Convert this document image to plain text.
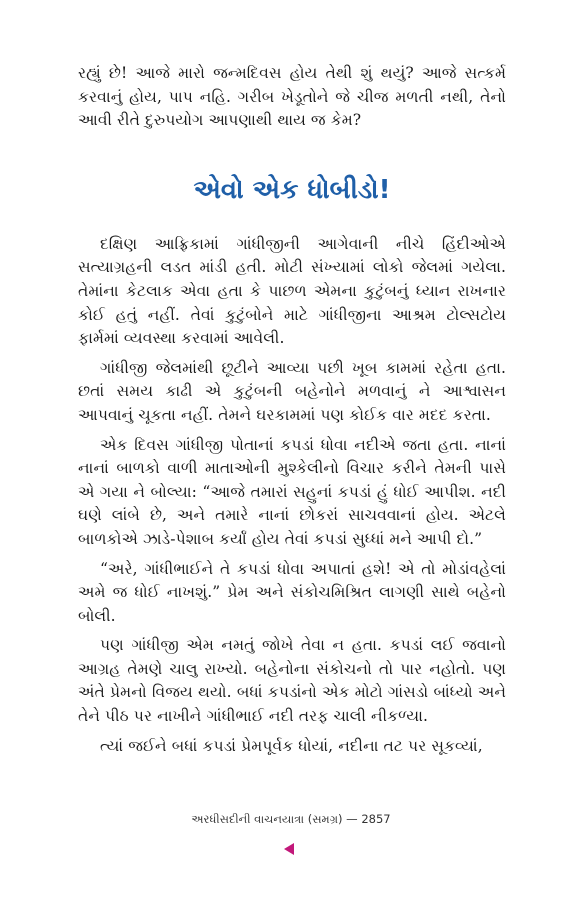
રહ્યું છે! આજે મારો જન્મદિવસ હોય તેથી શું થયું? આજે સત્કર્મ કરવાનું હોય, પાપ નહિ. ગરીબ ખેડૂતોને જે ચીજ મળતી નથી, તેનો આવી રીતે દુરુપયોગ આપણાથી થાય જ કેમ?

એવો એક ધોબીડો!

દક્ષિણ આફ્રિકામાં ગાંધીજીની આગેવાની નીચે હિંદીઓએ સત્યાગ્રહની લડત માંડી હતી. મોટી સંખ્યામાં લોકો જેલમાં ગયેલા. તેમાંના કેટલાક એવા હતા કે પાછળ એમના કુટુંબનું ધ્યાન રાખનાર કોઈ હતું નહીં. તેવાં કુટુંબોને માટે ગાંધીજીના આશ્રમ ટોલ્સટોય ફાર્મમાં વ્યવસ્થા કરવામાં આવેલી.

ગાંધીજી જેલમાંથી છૂટીને આવ્યા પછી ખૂબ કામમાં રહેતા હતા. છતાં સમય કાઢી એ કુટુંબની બહેનોને મળવાનું ને આશ્વાસન આપવાનું ચૂકતા નહીં. તેમને ઘરકામમાં પણ કોઈક વાર મદદ કરતા.

એક દિવસ ગાંધીજી પોતાનાં કપડાં ધોવા નદીએ જતા હતા. નાનાં નાનાં બાળકો વાળી માતાઓની મુશ્કેલીનો વિચાર કરીને તેમની પાસે એ ગયા ને બોલ્યા: “આજે તમારાં સહુનાં કપડાં હું ધોઈ આપીશ. નદી ઘણે લાંબે છે, અને તમારે નાનાં છોકરાં સાચવવાનાં હોય. એટલે બાળકોએ ઝાડે-પેશાબ કર્યાં હોય તેવાં કપડાં સુધ્ધાં મને આપી દો.”

“અરે, ગાંધીભાઈને તે કપડાં ધોવા અપાતાં હશે! એ તો મોડાંવહેલાં અમે જ ધોઈ નાખશું.” પ્રેમ અને સંકોચમિશ્રિત લાગણી સાથે બહેનો બોલી.

પણ ગાંધીજી એમ નમતું જોખે તેવા ન હતા. કપડાં લઈ જવાનો આગ્રહ તેમણે ચાલુ રાખ્યો. બહેનોના સંકોચનો તો પાર નહોતો. પણ અંતે પ્રેમનો વિજય થયો. બધાં કપડાંનો એક મોટો ગાંસડો બાંધ્યો અને તેને પીઠ પર નાખીને ગાંધીભાઈ નદી તરફ ચાલી નીકળ્યા.

ત્યાં જઈને બધાં કપડાં પ્રેમપૂર્વક ધોયાં, નદીના તટ પર સૂકવ્યાં,

અરધીસદીની વાચનયાત્રા (સમગ્ર) — 2857
